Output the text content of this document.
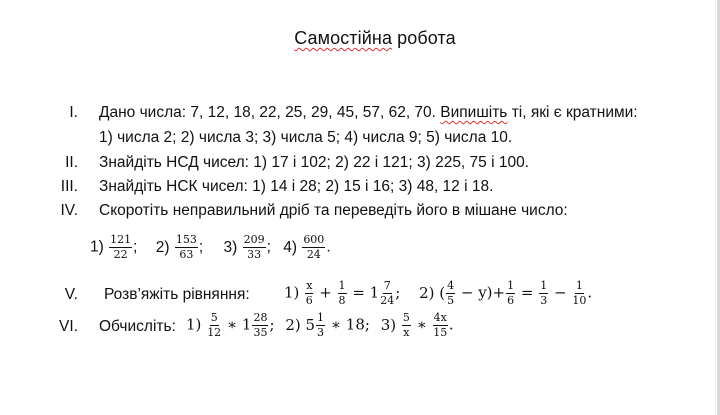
Самостійна робота
I. Дано числа: 7, 12, 18, 22, 25, 29, 45, 57, 62, 70. Випишіть ті, які є кратними:
1) числа 2; 2) числа 3; 3) числа 5; 4) числа 9; 5) числа 10.
II. Знайдіть НСД чисел: 1) 17 і 102; 2) 22 і 121; 3) 225, 75 і 100.
III. Знайдіть НСК чисел: 1) 14 і 28; 2) 15 і 16; 3) 48, 12 і 18.
IV. Скоротіть неправильний дріб та переведіть його в мішане число:
$1) \frac{121}{22}$ ; $2) \frac{153}{63}$ ; $3) \frac{209}{33}$ ; $4) \frac{600}{24}$ .
V. Розв’яжіть рівняння: $1) \frac{x}{6} + \frac{1}{8} = 1 \frac{7}{24}$ ; 2) ( $\frac{4}{5} - y)+ \frac{1}{6} = \frac{1}{3} - \frac{1}{10}$ .
VI. Обчисліть: $1) \frac{5}{12}$ ∗ $1 \frac{28}{35}$ ; 2) $5 \frac{1}{3}$ ∗ 18; $3) \frac{5}{x}$ ∗ $\frac{4x}{15}$ .
